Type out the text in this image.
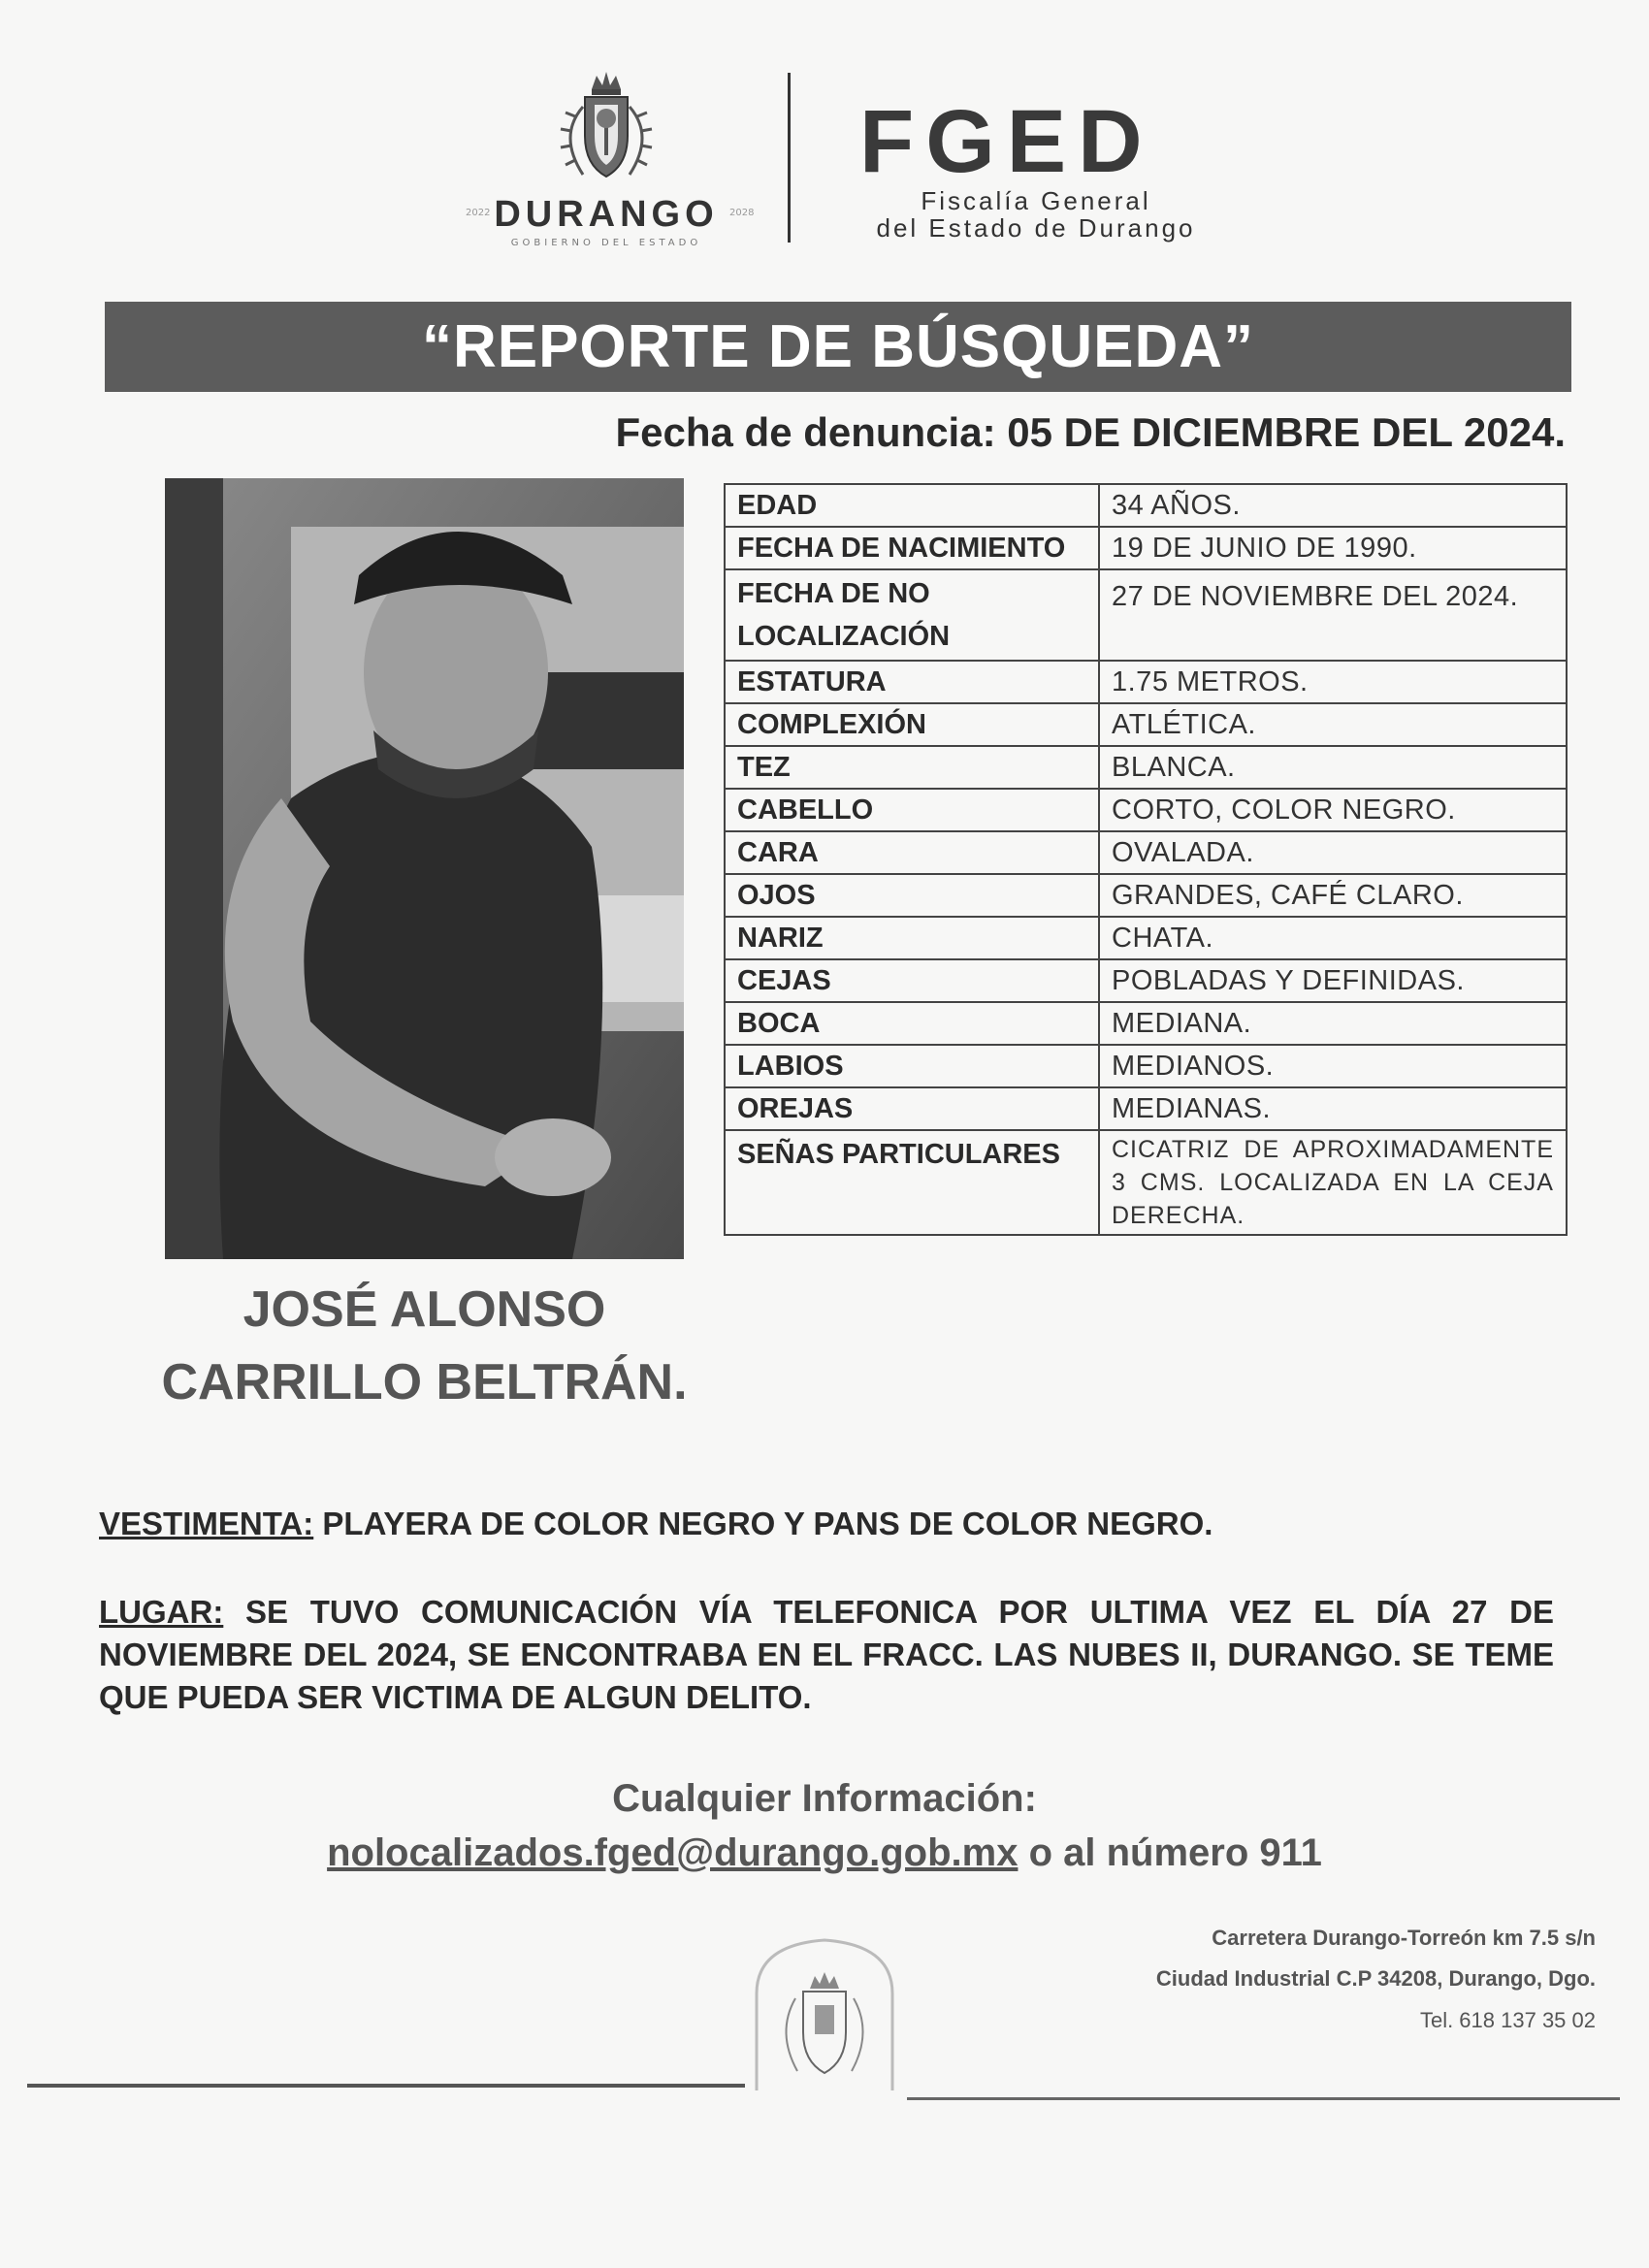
DURANGO
GOBIERNO DEL ESTADO
2022	2028
FGED
Fiscalía General
del Estado de Durango
“REPORTE DE BÚSQUEDA”
Fecha de denuncia: 05 DE DICIEMBRE DEL 2024.
EDAD	34 AÑOS.
FECHA DE NACIMIENTO	19 DE JUNIO DE 1990.
FECHA DE NO LOCALIZACIÓN	27 DE NOVIEMBRE DEL 2024.
ESTATURA	1.75 METROS.
COMPLEXIÓN	ATLÉTICA.
TEZ	BLANCA.
CABELLO	CORTO, COLOR NEGRO.
CARA	OVALADA.
OJOS	GRANDES, CAFÉ CLARO.
NARIZ	CHATA.
CEJAS	POBLADAS Y DEFINIDAS.
BOCA	MEDIANA.
LABIOS	MEDIANOS.
OREJAS	MEDIANAS.
SEÑAS PARTICULARES	CICATRIZ DE APROXIMADAMENTE 3 CMS. LOCALIZADA EN LA CEJA DERECHA.
JOSÉ ALONSO
CARRILLO BELTRÁN.
VESTIMENTA: PLAYERA DE COLOR NEGRO Y PANS DE COLOR NEGRO.
LUGAR: SE TUVO COMUNICACIÓN VÍA TELEFONICA POR ULTIMA VEZ EL DÍA 27 DE NOVIEMBRE DEL 2024, SE ENCONTRABA EN EL FRACC. LAS NUBES II, DURANGO. SE TEME QUE PUEDA SER VICTIMA DE ALGUN DELITO.
Cualquier Información:
nolocalizados.fged@durango.gob.mx o al número 911
Carretera Durango-Torreón km 7.5 s/n
Ciudad Industrial C.P 34208, Durango, Dgo.
Tel. 618 137 35 02
